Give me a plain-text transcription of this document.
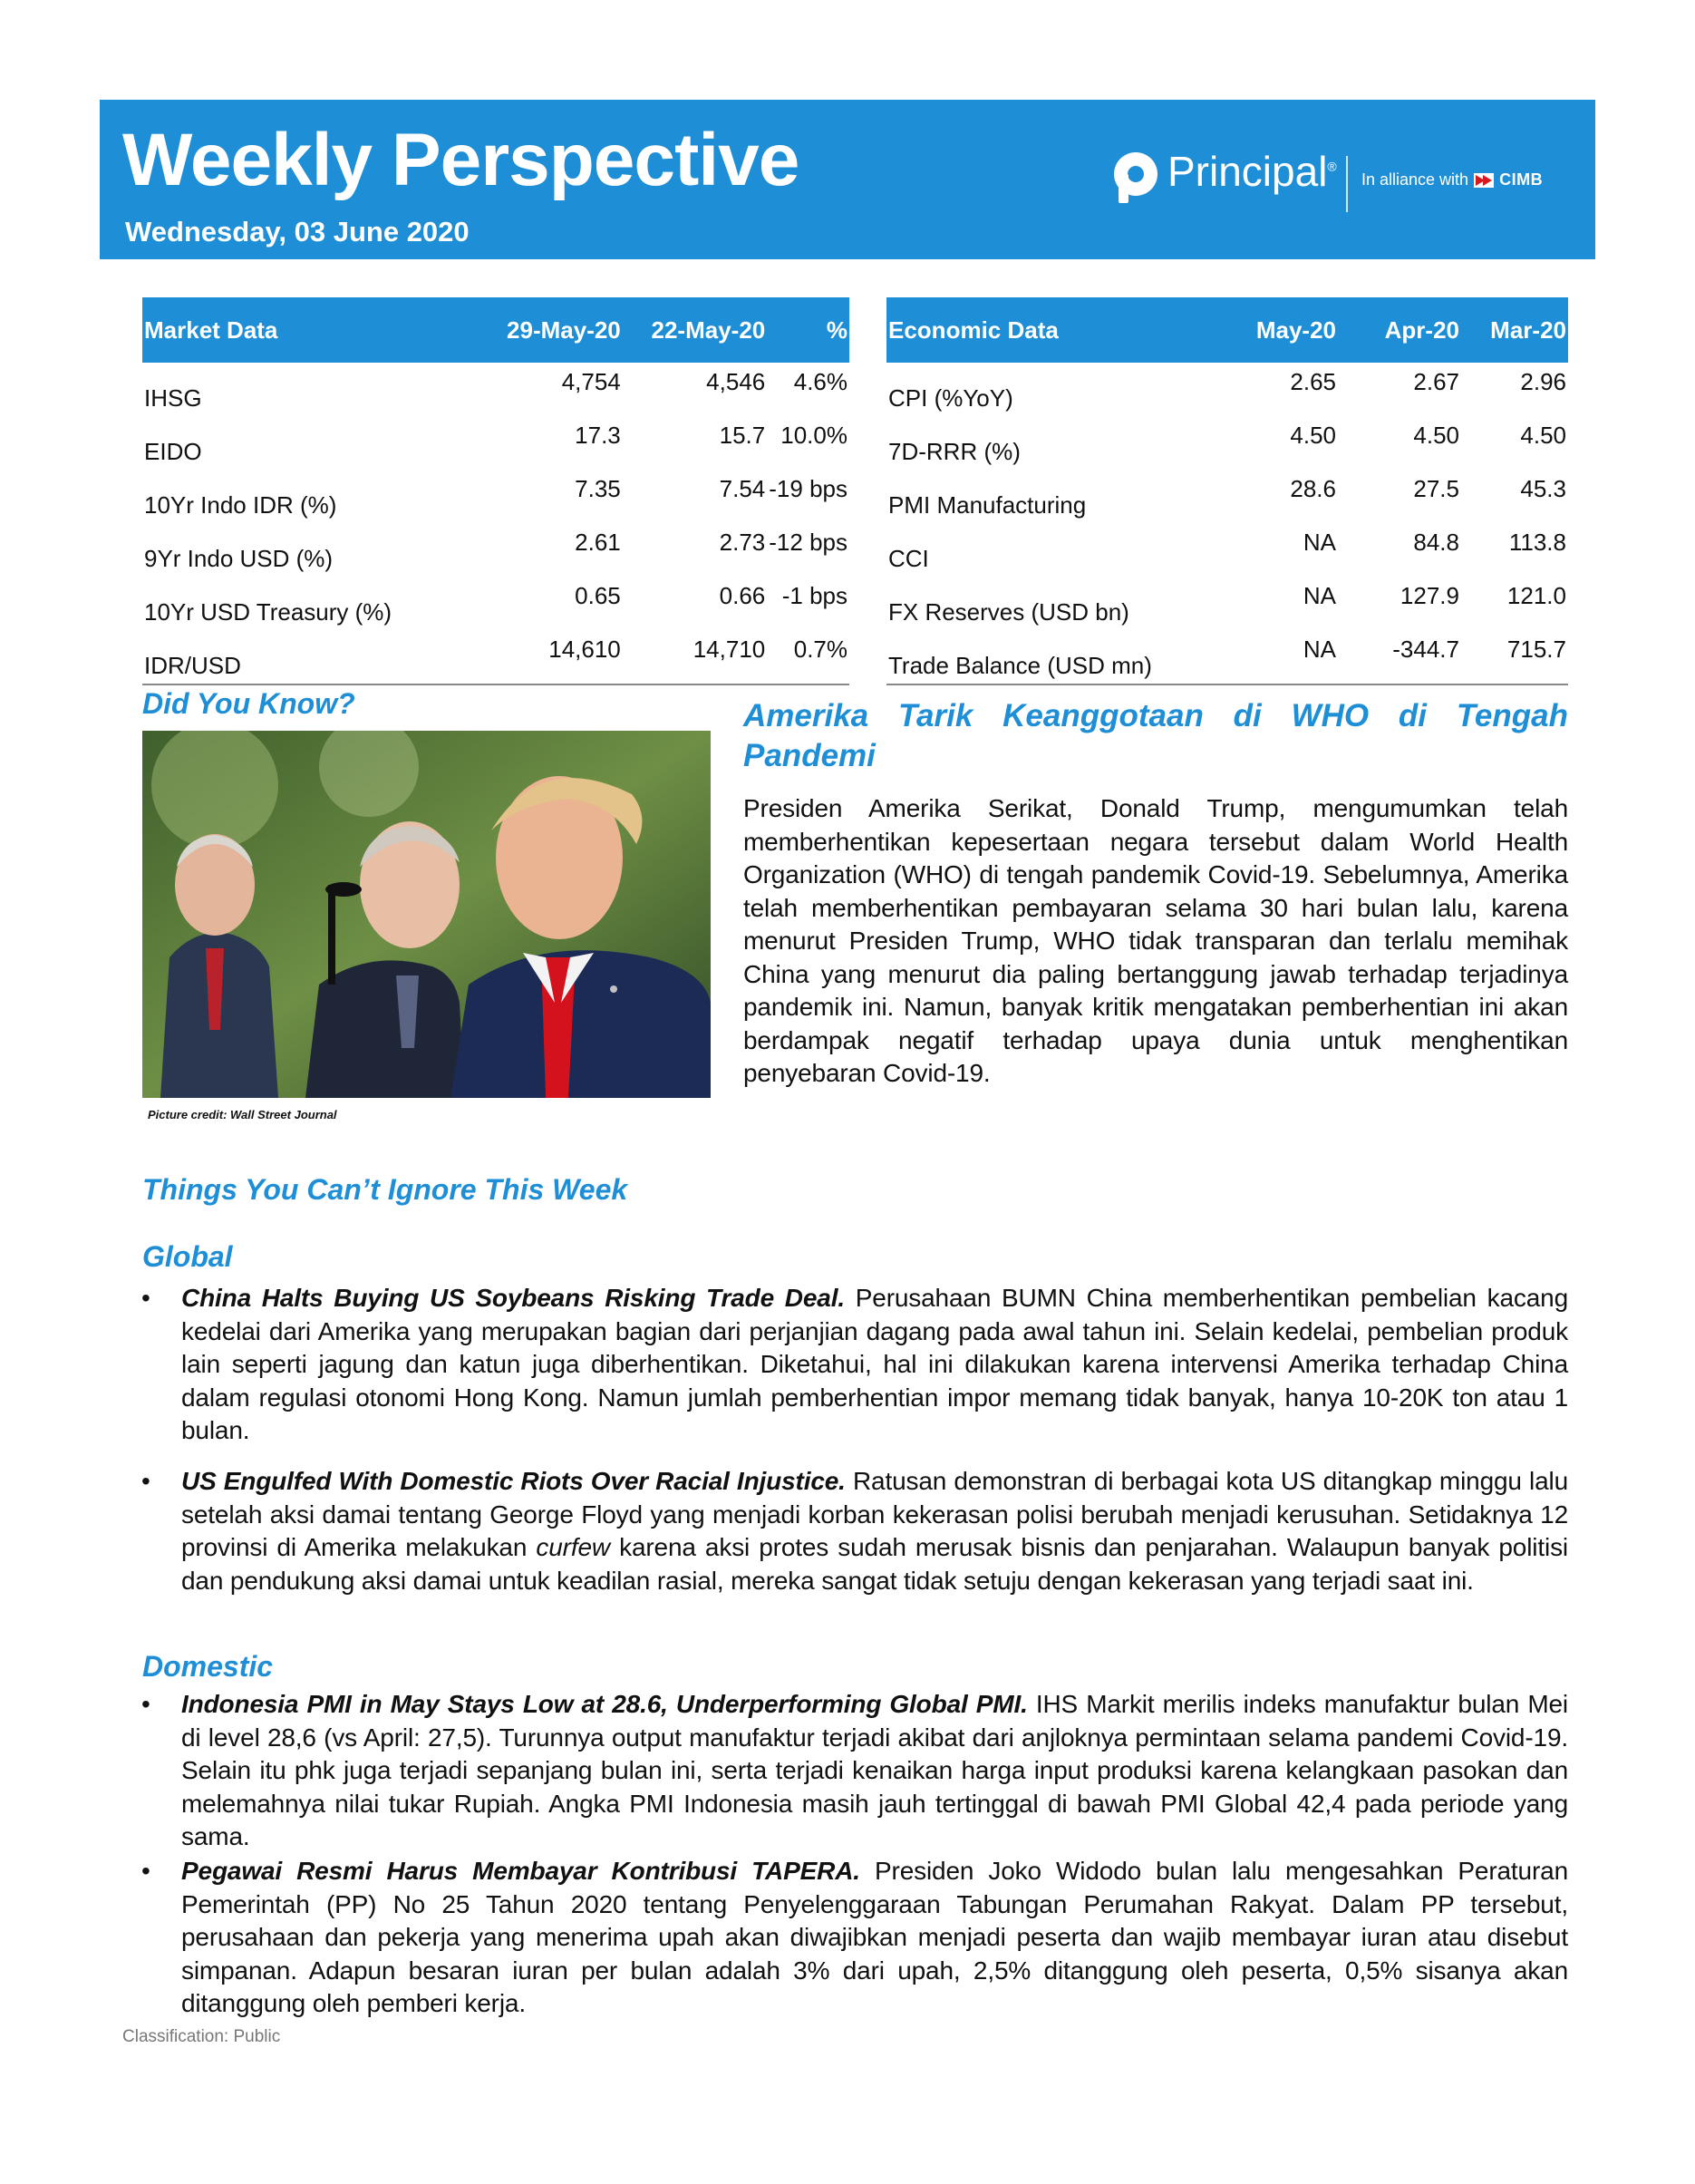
Weekly Perspective
Wednesday, 03 June 2020
Principal®
In alliance with CIMB
Market Data	29-May-20	22-May-20	%
IHSG	4,754	4,546	4.6%
EIDO	17.3	15.7	10.0%
10Yr Indo IDR (%)	7.35	7.54	-19 bps
9Yr Indo USD (%)	2.61	2.73	-12 bps
10Yr USD Treasury (%)	0.65	0.66	-1 bps
IDR/USD	14,610	14,710	0.7%
Economic Data	May-20	Apr-20	Mar-20
CPI (%YoY)	2.65	2.67	2.96
7D-RRR (%)	4.50	4.50	4.50
PMI Manufacturing	28.6	27.5	45.3
CCI	NA	84.8	113.8
FX Reserves (USD bn)	NA	127.9	121.0
Trade Balance (USD mn)	NA	-344.7	715.7
Did You Know?
Picture credit: Wall Street Journal
Amerika Tarik Keanggotaan di WHO di Tengah Pandemi
Presiden Amerika Serikat, Donald Trump, mengumumkan telah memberhentikan kepesertaan negara tersebut dalam World Health Organization (WHO) di tengah pandemik Covid-19. Sebelumnya, Amerika telah memberhentikan pembayaran selama 30 hari bulan lalu, karena menurut Presiden Trump, WHO tidak transparan dan terlalu memihak China yang menurut dia paling bertanggung jawab terhadap terjadinya pandemik ini. Namun, banyak kritik mengatakan pemberhentian ini akan berdampak negatif terhadap upaya dunia untuk menghentikan penyebaran Covid-19.
Things You Can’t Ignore This Week
Global
•	China Halts Buying US Soybeans Risking Trade Deal. Perusahaan BUMN China memberhentikan pembelian kacang kedelai dari Amerika yang merupakan bagian dari perjanjian dagang pada awal tahun ini. Selain kedelai, pembelian produk lain seperti jagung dan katun juga diberhentikan. Diketahui, hal ini dilakukan karena intervensi Amerika terhadap China dalam regulasi otonomi Hong Kong. Namun jumlah pemberhentian impor memang tidak banyak, hanya 10-20K ton atau 1 bulan.
•	US Engulfed With Domestic Riots Over Racial Injustice. Ratusan demonstran di berbagai kota US ditangkap minggu lalu setelah aksi damai tentang George Floyd yang menjadi korban kekerasan polisi berubah menjadi kerusuhan. Setidaknya 12 provinsi di Amerika melakukan curfew karena aksi protes sudah merusak bisnis dan penjarahan. Walaupun banyak politisi dan pendukung aksi damai untuk keadilan rasial, mereka sangat tidak setuju dengan kekerasan yang terjadi saat ini.
Domestic
•	Indonesia PMI in May Stays Low at 28.6, Underperforming Global PMI. IHS Markit merilis indeks manufaktur bulan Mei di level 28,6 (vs April: 27,5). Turunnya output manufaktur terjadi akibat dari anjloknya permintaan selama pandemi Covid-19. Selain itu phk juga terjadi sepanjang bulan ini, serta terjadi kenaikan harga input produksi karena kelangkaan pasokan dan melemahnya nilai tukar Rupiah. Angka PMI Indonesia masih jauh tertinggal di bawah PMI Global 42,4 pada periode yang sama.
•	Pegawai Resmi Harus Membayar Kontribusi TAPERA. Presiden Joko Widodo bulan lalu mengesahkan Peraturan Pemerintah (PP) No 25 Tahun 2020 tentang Penyelenggaraan Tabungan Perumahan Rakyat. Dalam PP tersebut, perusahaan dan pekerja yang menerima upah akan diwajibkan menjadi peserta dan wajib membayar iuran atau disebut simpanan. Adapun besaran iuran per bulan adalah 3% dari upah, 2,5% ditanggung oleh peserta, 0,5% sisanya akan ditanggung oleh pemberi kerja.
Classification: Public
